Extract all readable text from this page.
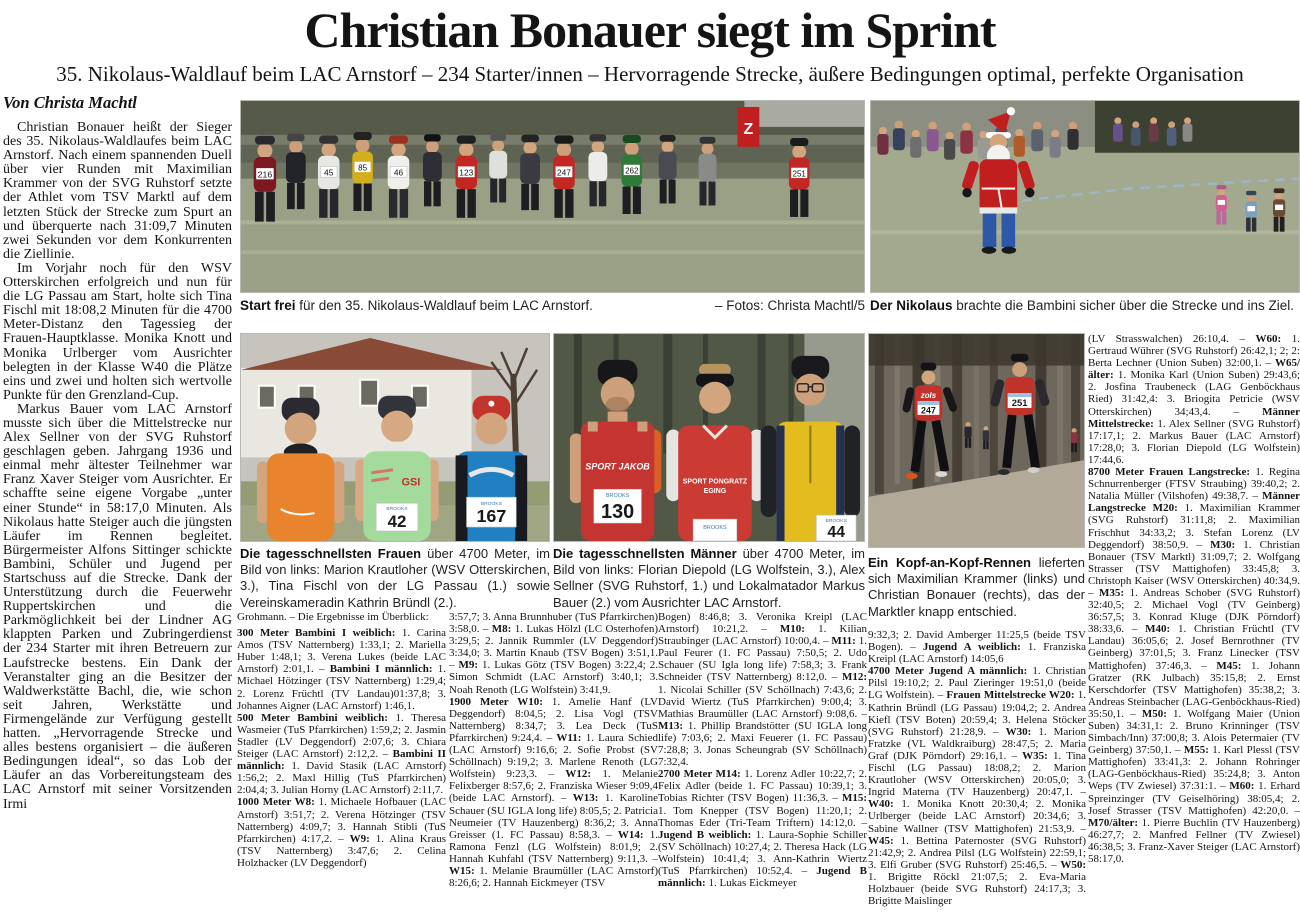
Christian Bonauer siegt im Sprint
35. Nikolaus-Waldlauf beim LAC Arnstorf – 234 Starter/innen – Hervorragende Strecke, äußere Bedingungen optimal, perfekte Organisation
Von Christa Machtl

Christian Bonauer heißt der Sieger des 35. Nikolaus-Waldlaufes beim LAC Arnstorf. Nach einem spannenden Duell über vier Runden mit Maximilian Krammer von der SVG Ruhstorf setzte der Athlet vom TSV Marktl auf dem letzten Stück der Strecke zum Spurt an und überquerte nach 31:09,7 Minuten zwei Sekunden vor dem Konkurrenten die Ziellinie.

Im Vorjahr noch für den WSV Otterskirchen erfolgreich und nun für die LG Passau am Start, holte sich Tina Fischl mit 18:08,2 Minuten für die 4700 Meter-Distanz den Tagessieg der Frauen-Hauptklasse. Monika Knott und Monika Urlberger vom Ausrichter belegten in der Klasse W40 die Plätze eins und zwei und holten sich wertvolle Punkte für den Grenzland-Cup.

Markus Bauer vom LAC Arnstorf musste sich über die Mittelstrecke nur Alex Sellner von der SVG Ruhstorf geschlagen geben. Jahrgang 1936 und einmal mehr ältester Teilnehmer war Franz Xaver Steiger vom Ausrichter. Er schaffte seine eigene Vorgabe „unter einer Stunde“ in 58:17,0 Minuten. Als Nikolaus hatte Steiger auch die jüngsten Läufer im Rennen begleitet. Bürgermeister Alfons Sittinger schickte Bambini, Schüler und Jugend per Startschuss auf die Strecke. Dank der Unterstützung durch die Feuerwehr Ruppertskirchen und die Parkmöglichkeit bei der Lindner AG klappten Parken und Zubringerdienst der 234 Starter mit ihren Betreuern zur Laufstrecke bestens. Ein Dank der Veranstalter ging an die Besitzer der Waldwerkstätte Bachl, die, wie schon seit Jahren, Werkstätte und Firmengelände zur Verfügung gestellt hatten. „Hervorragende Strecke und alles bestens organisiert – die äußeren Bedingungen ideal“, so das Lob der Läufer an das Vorbereitungsteam des LAC Arnstorf mit seiner Vorsitzenden Irmi

Z
216	45	85	46	123	247	262	251
Start frei für den 35. Nikolaus-Waldlauf beim LAC Arnstorf.	– Fotos: Christa Machtl/5 Der Nikolaus brachte die Bambini sicher über die Strecke und ins Ziel.
GSI
BROOKS
42
BROOKS
167
Die tagesschnellsten Frauen über 4700 Meter, im Bild von links: Marion Krautloher (WSV Otterskirchen, 3.), Tina Fischl von der LG Passau (1.) sowie Vereinskameradin Kathrin Bründl (2.).
SPORT JAKOB
BROOKS
130
SPORT PONGRATZ
EGING
BROOKS
BROOKS
44
Die tagesschnellsten Männer über 4700 Meter, im Bild von links: Florian Diepold (LG Wolfstein, 3.), Alex Sellner (SVG Ruhstorf, 1.) und Lokalmatador Markus Bauer (2.) vom Ausrichter LAC Arnstorf.
zols
247
251
Ein Kopf-an-Kopf-Rennen lieferten sich Maximilian Krammer (links) und Christian Bonauer (rechts), das der Marktler knapp entschied.

Grohmann. – Die Ergebnisse im Überblick:

300 Meter Bambini I weiblich: 1. Carina Amos (TSV Natternberg) 1:33,1; 2. Mariella Huber 1:48,1; 3. Verena Lukes (beide LAC Arnstorf) 2:01,1. – Bambini I männlich: 1. Michael Hötzinger (TSV Natternberg) 1:29,4; 2. Lorenz Früchtl (TV Landau)01:37,8; 3. Johannes Aigner (LAC Arnstorf) 1:46,1.

500 Meter Bambini weiblich: 1. Theresa Wasmeier (TuS Pfarrkirchen) 1:59,2; 2. Jasmin Stadler (LV Deggendorf) 2:07,6; 3. Chiara Steiger (LAC Arnstorf) 2:12,2. – Bambini II männlich: 1. David Stasik (LAC Arnstorf) 1:56,2; 2. Maxl Hillig (TuS Pfarrkirchen) 2:04,4; 3. Julian Horny (LAC Arnstorf) 2:11,7.

1000 Meter W8: 1. Michaele Hofbauer (LAC Arnstorf) 3:51,7; 2. Verena Hötzinger (TSV Natternberg) 4:09,7; 3. Hannah Stibli (TuS Pfarrkirchen) 4:17,2. – W9: 1. Alina Kraus (TSV Natternberg) 3:47,6; 2. Celina Holzhacker (LV Deggendorf)

3:57,7; 3. Anna Brunnhuber (TuS Pfarrkirchen) 3:58,0. – M8: 1. Lukas Hölzl (LC Osterhofen) 3:29,5; 2. Jannik Rummler (LV Deggendorf) 3:34,0; 3. Martin Knaub (TSV Bogen) 3:51,1. – M9: 1. Lukas Götz (TSV Bogen) 3:22,4; 2. Simon Schmidt (LAC Arnstorf) 3:40,1; 3. Noah Renoth (LG Wolfstein) 3:41,9.

1900 Meter W10: 1. Amelie Hanf (LV Deggendorf) 8:04,5; 2. Lisa Vogl (TSV Natternberg) 8:34,7; 3. Lea Deck (TuS Pfarrkirchen) 9:24,4. – W11: 1. Laura Schied (LAC Arnstorf) 9:16,6; 2. Sofie Probst (SV Schöllnach) 9:19,2; 3. Marlene Renoth (LG Wolfstein) 9:23,3. – W12: 1. Melanie Felixberger 8:57,6; 2. Franziska Wieser 9:09,4 (beide LAC Arnstorf). – W13: 1. Karoline Schauer (SU IGLA long life) 8:05,5; 2. Patricia Neumeier (TV Hauzenberg) 8:36,2; 3. Anna Greisser (1. FC Passau) 8:58,3. – W14: 1. Ramona Fenzl (LG Wolfstein) 8:01,9; 2. Hannah Kuhfahl (TSV Natternberg) 9:11,3. – W15: 1. Melanie Braumüller (LAC Arnstorf) 8:26,6; 2. Hannah Eickmeyer (TSV

Bogen) 8:46,8; 3. Veronika Kreipl (LAC Arnstorf) 10:21,2. – M10: 1. Kilian Straubinger (LAC Arnstorf) 10:00,4. – M11: 1. Paul Feurer (1. FC Passau) 7:50,5; 2. Udo Schauer (SU Igla long life) 7:58,3; 3. Frank Schneider (TSV Natternberg) 8:12,0. – M12: 1. Nicolai Schiller (SV Schöllnach) 7:43,6; 2. David Wiertz (TuS Pfarrkirchen) 9:00,4; 3. Mathias Braumüller (LAC Arnstorf) 9:08,6. – M13: 1. Phillip Brandstötter (SU IGLA long life) 7:03,6; 2. Maxi Feuerer (1. FC Passau) 7:28,8; 3. Jonas Scheungrab (SV Schöllnach) 7:32,4.

2700 Meter M14: 1. Lorenz Adler 10:22,7; 2. Felix Adler (beide 1. FC Passau) 10:39,1; 3. Tobias Richter (TSV Bogen) 11:36,3. – M15: 1. Tom Knepper (TSV Bogen) 11:20,1; 2. Thomas Eder (Tri-Team Triftern) 14:12,0. – Jugend B weiblich: 1. Laura-Sophie Schiller (SV Schöllnach) 10:27,4; 2. Theresa Hack (LG Wolfstein) 10:41,4; 3. Ann-Kathrin Wiertz (TuS Pfarrkirchen) 10:52,4. – Jugend B männlich: 1. Lukas Eickmeyer

9:32,3; 2. David Amberger 11:25,5 (beide TSV Bogen). – Jugend A weiblich: 1. Franziska Kreipl (LAC Arnstorf) 14:05,6

4700 Meter Jugend A männlich: 1. Christian Pilsl 19:10,2; 2. Paul Zieringer 19:51,0 (beide LG Wolfstein). – Frauen Mittelstrecke W20: 1. Kathrin Bründl (LG Passau) 19:04,2; 2. Andrea Kiefl (TSV Boten) 20:59,4; 3. Helena Stöcker (SVG Ruhstorf) 21:28,9. – W30: 1. Marion Fratzke (VL Waldkraiburg) 28:47,5; 2. Maria Graf (DJK Pörndorf) 29:16,1. – W35: 1. Tina Fischl (LG Passau) 18:08,2; 2. Marion Krautloher (WSV Otterskirchen) 20:05,0; 3. Ingrid Materna (TV Hauzenberg) 20:47,1. – W40: 1. Monika Knott 20:30,4; 2. Monika Urlberger (beide LAC Arnstorf) 20:34,6; 3. Sabine Wallner (TSV Mattighofen) 21:53,9. – W45: 1. Bettina Paternoster (SVG Ruhstorf) 21:42,9; 2. Andrea Pilsl (LG Wolfstein) 22:59,1; 3. Elfi Gruber (SVG Ruhstorf) 25:46,5. – W50: 1. Brigitte Röckl 21:07,5; 2. Eva-Maria Holzbauer (beide SVG Ruhstorf) 24:17,3; 3. Brigitte Maislinger

(LV Strasswalchen) 26:10,4. – W60: 1. Gertraud Wührer (SVG Ruhstorf) 26:42,1; 2; 2: Berta Lechner (Union Suben) 32:00,1. – W65/älter: 1. Monika Karl (Union Suben) 29:43,6; 2. Josfina Traubeneck (LAG Genböckhaus Ried) 31:42,4: 3. Briogita Petricie (WSV Otterskirchen) 34;43,4. – Männer Mittelstrecke: 1. Alex Sellner (SVG Ruhstorf) 17:17,1; 2. Markus Bauer (LAC Arnstorf) 17:28,0; 3. Florian Diepold (LG Wolfstein) 17:44,6.

8700 Meter Frauen Langstrecke: 1. Regina Schnurrenberger (FTSV Straubing) 39:40,2; 2. Natalia Müller (Vilshofen) 49:38,7. – Männer Langstrecke M20: 1. Maximilian Krammer (SVG Ruhstorf) 31:11,8; 2. Maximilian Frischhut 34:33,2; 3. Stefan Lorenz (LV Deggendorf) 38:50,9. – M30: 1. Christian Bonauer (TSV Marktl) 31:09,7; 2. Wolfgang Strasser (TSV Mattighofen) 33:45,8; 3. Christoph Kaiser (WSV Otterskirchen) 40:34,9. – M35: 1. Andreas Schober (SVG Ruhstorf) 32:40,5; 2. Michael Vogl (TV Geinberg) 36:57,5; 3. Konrad Kluge (DJK Pörndorf) 38:33,6. – M40: 1. Christian Früchtl (TV Landau) 36:05,6; 2. Josef Bernrothner (TV Geinberg) 37:01,5; 3. Franz Linecker (TSV Mattighofen) 37:46,3. – M45: 1. Johann Gratzer (RK Julbach) 35:15,8; 2. Ernst Kerschdorfer (TSV Mattighofen) 35:38,2; 3. Andreas Steinbacher (LAG-Genböckhaus-Ried) 35:50,1. – M50: 1. Wolfgang Maier (Union Suben) 34:31,1: 2. Bruno Krinninger (TSV Simbach/Inn) 37:00,8; 3. Alois Petermaier (TV Geinberg) 37:50,1. – M55: 1. Karl Plessl (TSV Mattighofen) 33:41,3: 2. Johann Rohringer (LAG-Genböckhaus-Ried) 35:24,8; 3. Anton Weps (TV Zwiesel) 37:31:1. – M60: 1. Erhard Spreinzinger (TV Geiselhöring) 38:05,4; 2. Josef Strasser (TSV Mattighofen) 42:20,0. – M70/älter: 1. Pierre Buchlin (TV Hauzenberg) 46:27,7; 2. Manfred Fellner (TV Zwiesel) 46:38,5; 3. Franz-Xaver Steiger (LAC Arnstorf) 58:17,0.
